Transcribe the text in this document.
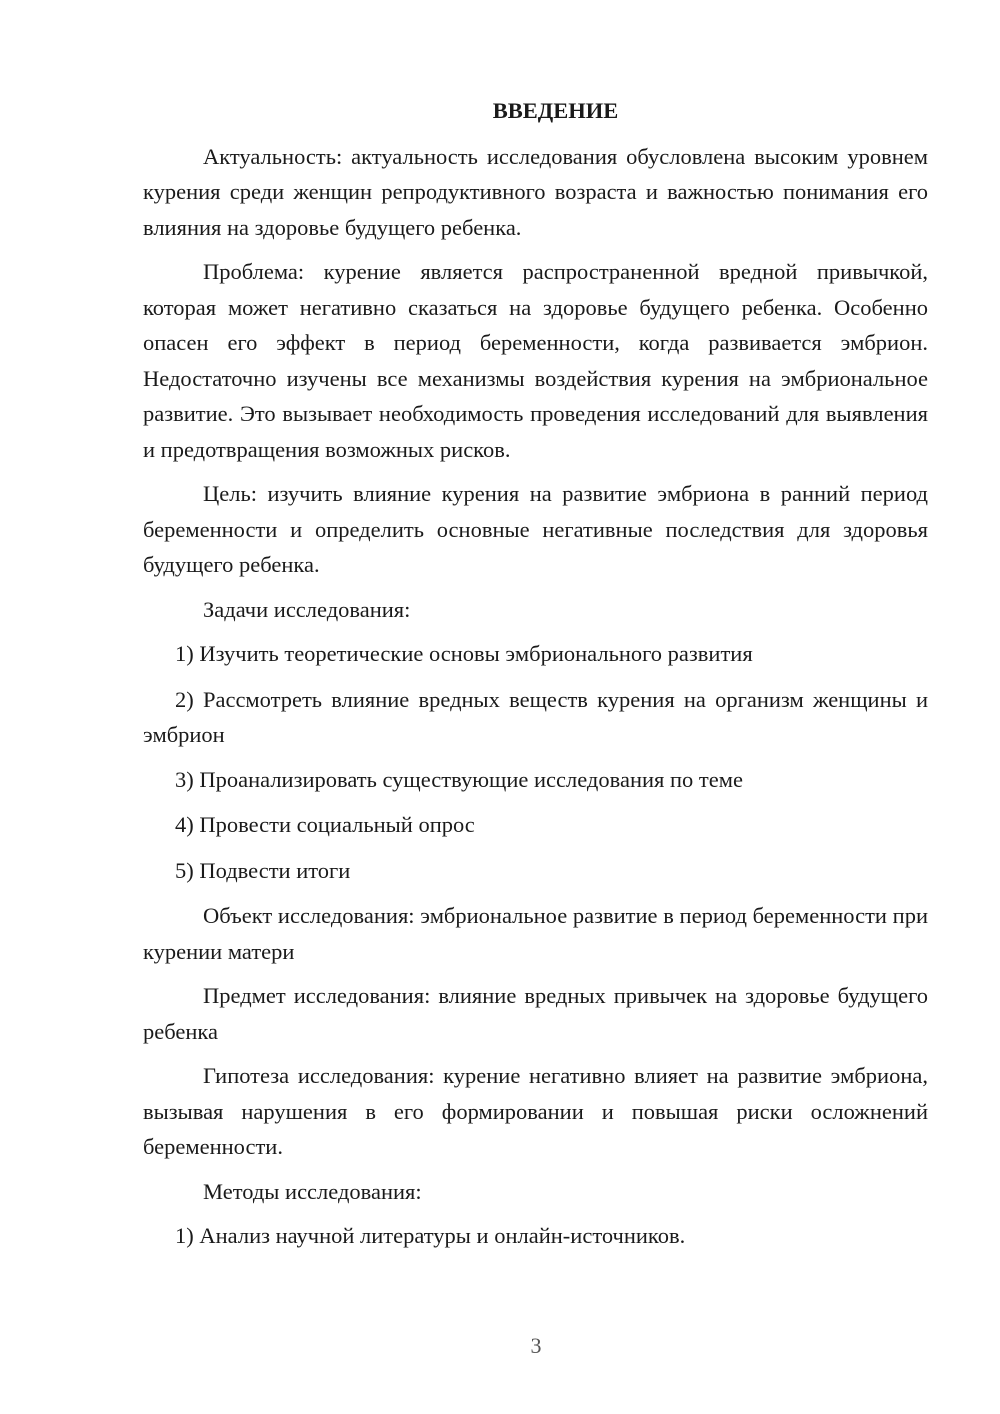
ВВЕДЕНИЕ

Актуальность: актуальность исследования обусловлена высоким уровнем курения среди женщин репродуктивного возраста и важностью понимания его влияния на здоровье будущего ребенка.

Проблема: курение является распространенной вредной привычкой, которая может негативно сказаться на здоровье будущего ребенка. Особенно опасен его эффект в период беременности, когда развивается эмбрион. Недостаточно изучены все механизмы воздействия курения на эмбриональное развитие. Это вызывает необходимость проведения исследований для выявления и предотвращения возможных рисков.

Цель: изучить влияние курения на развитие эмбриона в ранний период беременности и определить основные негативные последствия для здоровья будущего ребенка.

Задачи исследования:

1) Изучить теоретические основы эмбрионального развития

2) Рассмотреть влияние вредных веществ курения на организм женщины и эмбрион

3) Проанализировать существующие исследования по теме

4) Провести социальный опрос

5) Подвести итоги

Объект исследования: эмбриональное развитие в период беременности при курении матери

Предмет исследования: влияние вредных привычек на здоровье будущего ребенка

Гипотеза исследования: курение негативно влияет на развитие эмбриона, вызывая нарушения в его формировании и повышая риски осложнений беременности.

Методы исследования:

1) Анализ научной литературы и онлайн-источников.

3
